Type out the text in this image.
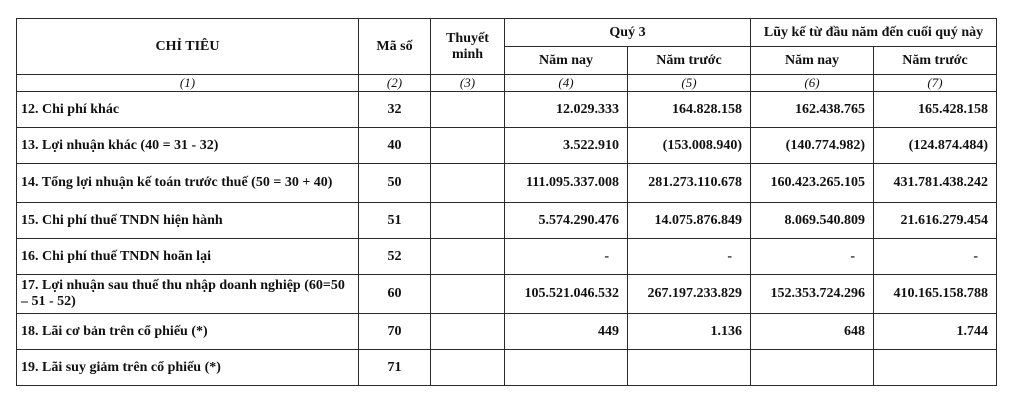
CHỈ TIÊU	Mã số	Thuyết minh	Quý 3		Lũy kế từ đầu năm đến cuối quý này	
			Năm nay	Năm trước	Năm nay	Năm trước
(1)	(2)	(3)	(4)	(5)	(6)	(7)
12. Chi phí khác	32		12.029.333	164.828.158	162.438.765	165.428.158
13. Lợi nhuận khác (40 = 31 - 32)	40		3.522.910	(153.008.940)	(140.774.982)	(124.874.484)
14. Tổng lợi nhuận kế toán trước thuế (50 = 30 + 40)	50		111.095.337.008	281.273.110.678	160.423.265.105	431.781.438.242
15. Chi phí thuế TNDN hiện hành	51		5.574.290.476	14.075.876.849	8.069.540.809	21.616.279.454
16. Chi phí thuế TNDN hoãn lại	52		-	-	-	-
17. Lợi nhuận sau thuế thu nhập doanh nghiệp (60=50 – 51 - 52)	60		105.521.046.532	267.197.233.829	152.353.724.296	410.165.158.788
18. Lãi cơ bản trên cổ phiếu (*)	70		449	1.136	648	1.744
19. Lãi suy giảm trên cổ phiếu (*)	71					
